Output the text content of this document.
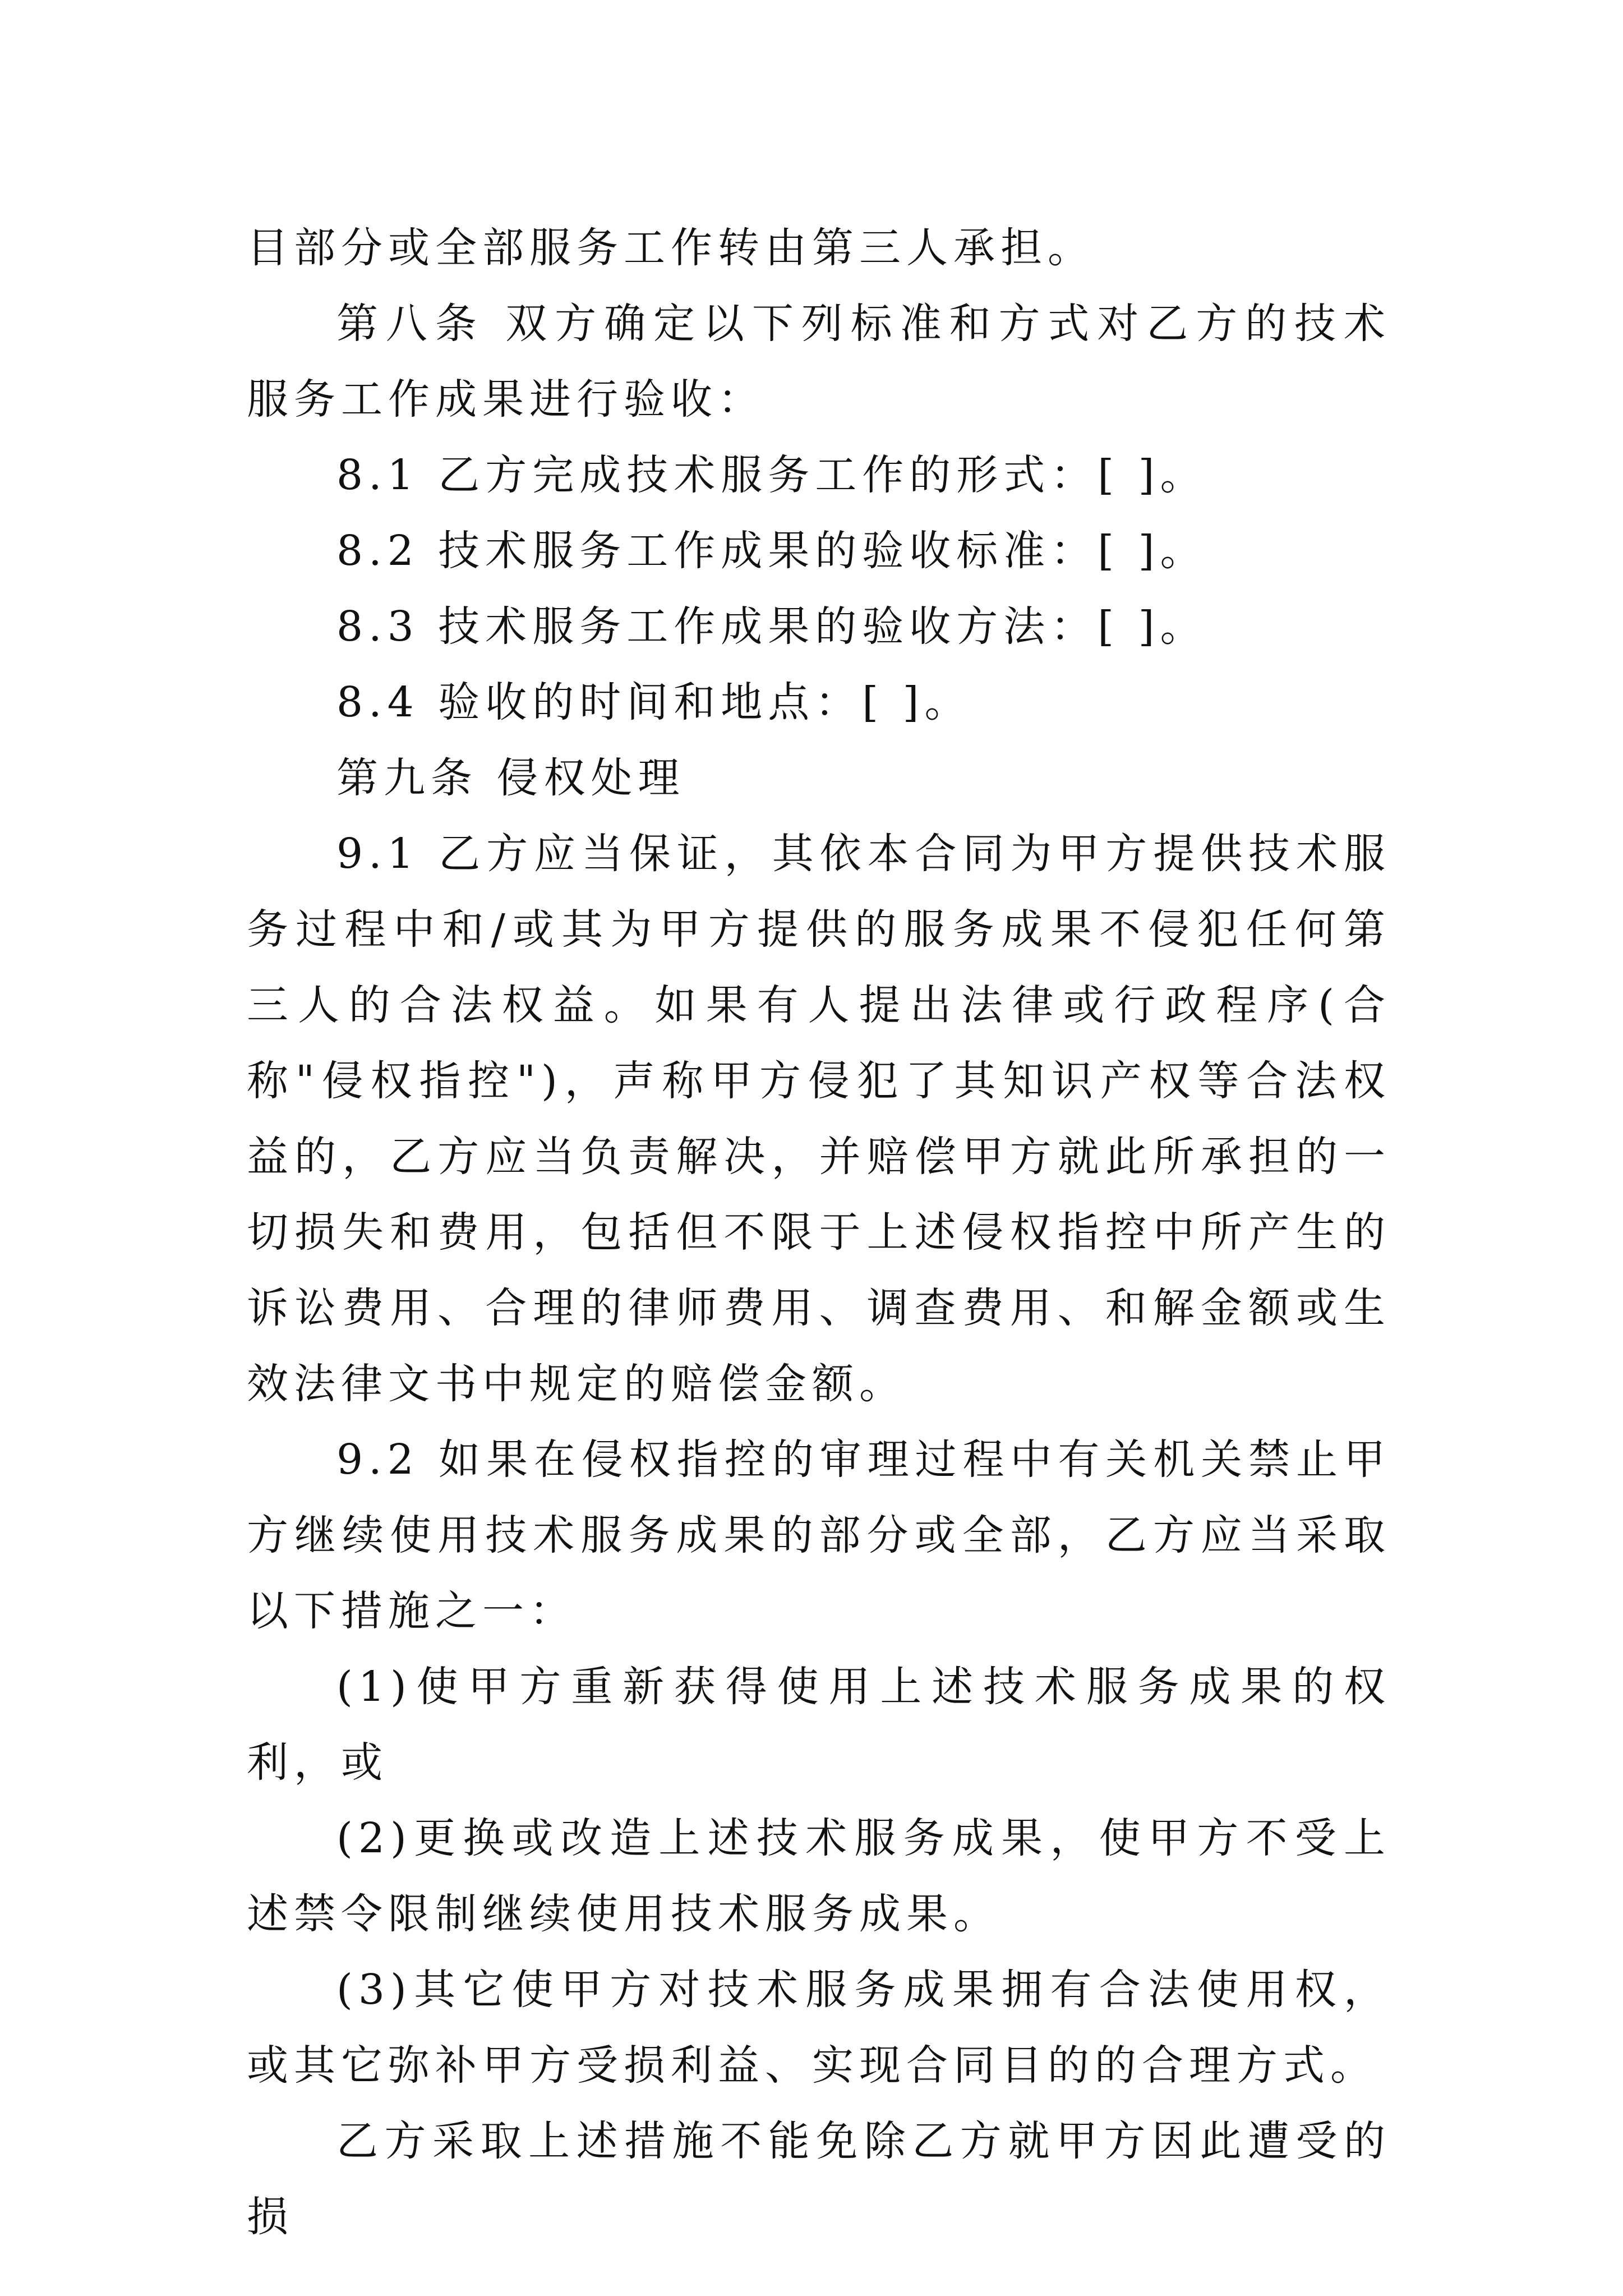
目部分或全部服务工作转由第三人承担。

第八条 双方确定以下列标准和方式对乙方的技术服务工作成果进行验收：

8.1 乙方完成技术服务工作的形式：[ ]。

8.2 技术服务工作成果的验收标准：[ ]。

8.3 技术服务工作成果的验收方法：[ ]。

8.4 验收的时间和地点：[ ]。

第九条 侵权处理

9.1 乙方应当保证，其依本合同为甲方提供技术服务过程中和/或其为甲方提供的服务成果不侵犯任何第三人的合法权益。如果有人提出法律或行政程序(合称"侵权指控")，声称甲方侵犯了其知识产权等合法权益的，乙方应当负责解决，并赔偿甲方就此所承担的一切损失和费用，包括但不限于上述侵权指控中所产生的诉讼费用、合理的律师费用、调查费用、和解金额或生效法律文书中规定的赔偿金额。

9.2 如果在侵权指控的审理过程中有关机关禁止甲方继续使用技术服务成果的部分或全部，乙方应当采取以下措施之一：

(1)使甲方重新获得使用上述技术服务成果的权利，或

(2)更换或改造上述技术服务成果，使甲方不受上述禁令限制继续使用技术服务成果。

(3)其它使甲方对技术服务成果拥有合法使用权，或其它弥补甲方受损利益、实现合同目的的合理方式。

乙方采取上述措施不能免除乙方就甲方因此遭受的损
